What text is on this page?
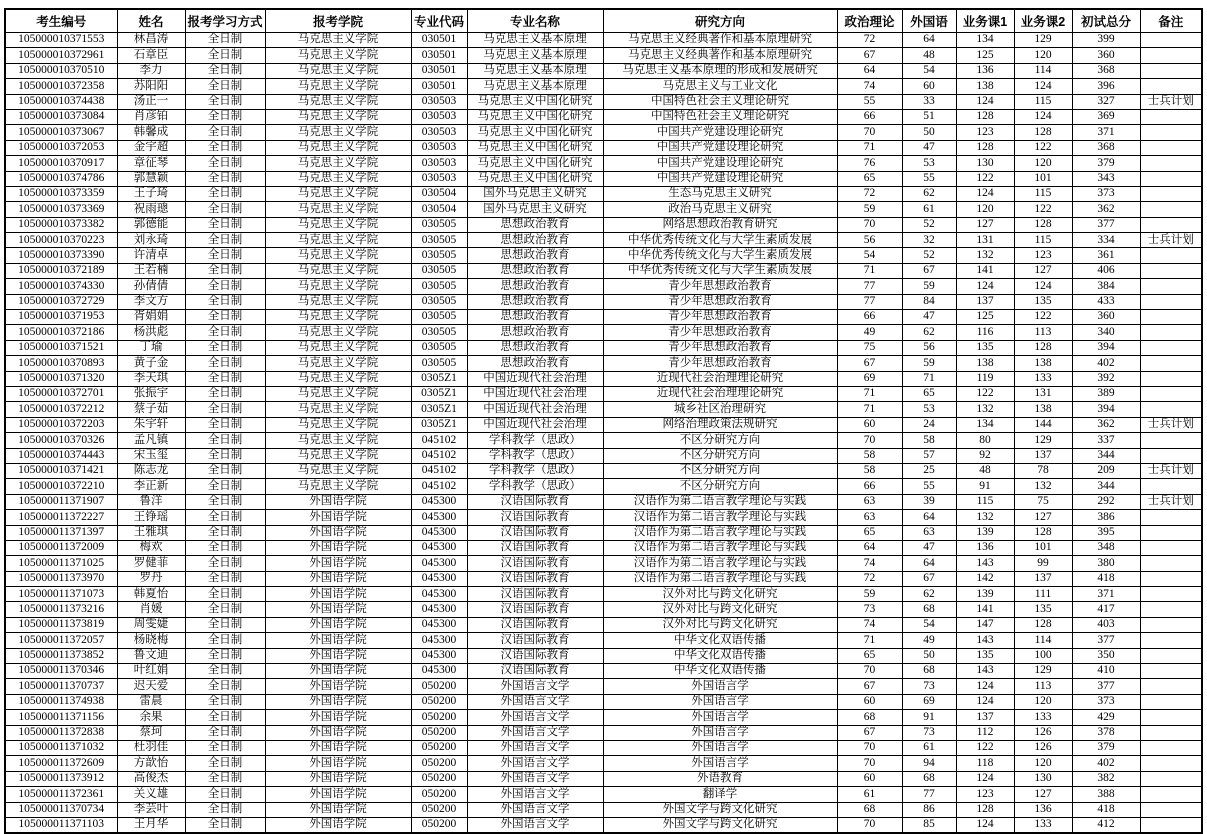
考生编号	姓名	报考学习方式	报考学院	专业代码	专业名称	研究方向	政治理论	外国语	业务课1	业务课2	初试总分	备注
105000010371553	林昌涛	全日制	马克思主义学院	030501	马克思主义基本原理	马克思主义经典著作和基本原理研究	72	64	134	129	399	
105000010372961	石章臣	全日制	马克思主义学院	030501	马克思主义基本原理	马克思主义经典著作和基本原理研究	67	48	125	120	360	
105000010370510	李力	全日制	马克思主义学院	030501	马克思主义基本原理	马克思主义基本原理的形成和发展研究	64	54	136	114	368	
105000010372358	苏阳阳	全日制	马克思主义学院	030501	马克思主义基本原理	马克思主义与工业文化	74	60	138	124	396	
105000010374438	汤正一	全日制	马克思主义学院	030503	马克思主义中国化研究	中国特色社会主义理论研究	55	33	124	115	327	士兵计划
105000010373084	肖彦铂	全日制	马克思主义学院	030503	马克思主义中国化研究	中国特色社会主义理论研究	66	51	128	124	369	
105000010373067	韩馨成	全日制	马克思主义学院	030503	马克思主义中国化研究	中国共产党建设理论研究	70	50	123	128	371	
105000010372053	金宇超	全日制	马克思主义学院	030503	马克思主义中国化研究	中国共产党建设理论研究	71	47	128	122	368	
105000010370917	章征琴	全日制	马克思主义学院	030503	马克思主义中国化研究	中国共产党建设理论研究	76	53	130	120	379	
105000010374786	郭慧颖	全日制	马克思主义学院	030503	马克思主义中国化研究	中国共产党建设理论研究	65	55	122	101	343	
105000010373359	王子琦	全日制	马克思主义学院	030504	国外马克思主义研究	生态马克思主义研究	72	62	124	115	373	
105000010373369	祝雨璁	全日制	马克思主义学院	030504	国外马克思主义研究	政治马克思主义研究	59	61	120	122	362	
105000010373382	郭德能	全日制	马克思主义学院	030505	思想政治教育	网络思想政治教育研究	70	52	127	128	377	
105000010370223	刘永琦	全日制	马克思主义学院	030505	思想政治教育	中华优秀传统文化与大学生素质发展	56	32	131	115	334	士兵计划
105000010373390	许清卓	全日制	马克思主义学院	030505	思想政治教育	中华优秀传统文化与大学生素质发展	54	52	132	123	361	
105000010372189	王若楠	全日制	马克思主义学院	030505	思想政治教育	中华优秀传统文化与大学生素质发展	71	67	141	127	406	
105000010374330	孙倩倩	全日制	马克思主义学院	030505	思想政治教育	青少年思想政治教育	77	59	124	124	384	
105000010372729	李文方	全日制	马克思主义学院	030505	思想政治教育	青少年思想政治教育	77	84	137	135	433	
105000010371953	胥娟娟	全日制	马克思主义学院	030505	思想政治教育	青少年思想政治教育	66	47	125	122	360	
105000010372186	杨洪彪	全日制	马克思主义学院	030505	思想政治教育	青少年思想政治教育	49	62	116	113	340	
105000010371521	丁瑜	全日制	马克思主义学院	030505	思想政治教育	青少年思想政治教育	75	56	135	128	394	
105000010370893	黄子金	全日制	马克思主义学院	030505	思想政治教育	青少年思想政治教育	67	59	138	138	402	
105000010371320	李天琪	全日制	马克思主义学院	0305Z1	中国近现代社会治理	近现代社会治理理论研究	69	71	119	133	392	
105000010372701	张振宇	全日制	马克思主义学院	0305Z1	中国近现代社会治理	近现代社会治理理论研究	71	65	122	131	389	
105000010372212	蔡子茹	全日制	马克思主义学院	0305Z1	中国近现代社会治理	城乡社区治理研究	71	53	132	138	394	
105000010372203	朱宇轩	全日制	马克思主义学院	0305Z1	中国近现代社会治理	网络治理政策法规研究	60	24	134	144	362	士兵计划
105000010370326	孟凡镇	全日制	马克思主义学院	045102	学科教学（思政）	不区分研究方向	70	58	80	129	337	
105000010374443	宋玉玺	全日制	马克思主义学院	045102	学科教学（思政）	不区分研究方向	58	57	92	137	344	
105000010371421	陈志龙	全日制	马克思主义学院	045102	学科教学（思政）	不区分研究方向	58	25	48	78	209	士兵计划
105000010372210	李正新	全日制	马克思主义学院	045102	学科教学（思政）	不区分研究方向	66	55	91	132	344	
105000011371907	鲁洋	全日制	外国语学院	045300	汉语国际教育	汉语作为第二语言教学理论与实践	63	39	115	75	292	士兵计划
105000011372227	王铮瑶	全日制	外国语学院	045300	汉语国际教育	汉语作为第二语言教学理论与实践	63	64	132	127	386	
105000011371397	王雅琪	全日制	外国语学院	045300	汉语国际教育	汉语作为第二语言教学理论与实践	65	63	139	128	395	
105000011372009	梅欢	全日制	外国语学院	045300	汉语国际教育	汉语作为第二语言教学理论与实践	64	47	136	101	348	
105000011371025	罗健菲	全日制	外国语学院	045300	汉语国际教育	汉语作为第二语言教学理论与实践	74	64	143	99	380	
105000011373970	罗丹	全日制	外国语学院	045300	汉语国际教育	汉语作为第二语言教学理论与实践	72	67	142	137	418	
105000011371073	韩夏怡	全日制	外国语学院	045300	汉语国际教育	汉外对比与跨文化研究	59	62	139	111	371	
105000011373216	肖媛	全日制	外国语学院	045300	汉语国际教育	汉外对比与跨文化研究	73	68	141	135	417	
105000011373819	周雯婕	全日制	外国语学院	045300	汉语国际教育	汉外对比与跨文化研究	74	54	147	128	403	
105000011372057	杨晓梅	全日制	外国语学院	045300	汉语国际教育	中华文化双语传播	71	49	143	114	377	
105000011373852	鲁文迪	全日制	外国语学院	045300	汉语国际教育	中华文化双语传播	65	50	135	100	350	
105000011370346	叶红娟	全日制	外国语学院	045300	汉语国际教育	中华文化双语传播	70	68	143	129	410	
105000011370737	迟天爱	全日制	外国语学院	050200	外国语言文学	外国语言学	67	73	124	113	377	
105000011374938	雷晨	全日制	外国语学院	050200	外国语言文学	外国语言学	60	69	124	120	373	
105000011371156	余果	全日制	外国语学院	050200	外国语言文学	外国语言学	68	91	137	133	429	
105000011372838	蔡珂	全日制	外国语学院	050200	外国语言文学	外国语言学	67	73	112	126	378	
105000011371032	杜羽佳	全日制	外国语学院	050200	外国语言文学	外国语言学	70	61	122	126	379	
105000011372609	方歆怡	全日制	外国语学院	050200	外国语言文学	外国语言学	70	94	118	120	402	
105000011373912	高俊杰	全日制	外国语学院	050200	外国语言文学	外语教育	60	68	124	130	382	
105000011372361	关义雄	全日制	外国语学院	050200	外国语言文学	翻译学	61	77	123	127	388	
105000011370734	李芸叶	全日制	外国语学院	050200	外国语言文学	外国文学与跨文化研究	68	86	128	136	418	
105000011371103	王月华	全日制	外国语学院	050200	外国语言文学	外国文学与跨文化研究	70	85	124	133	412	
